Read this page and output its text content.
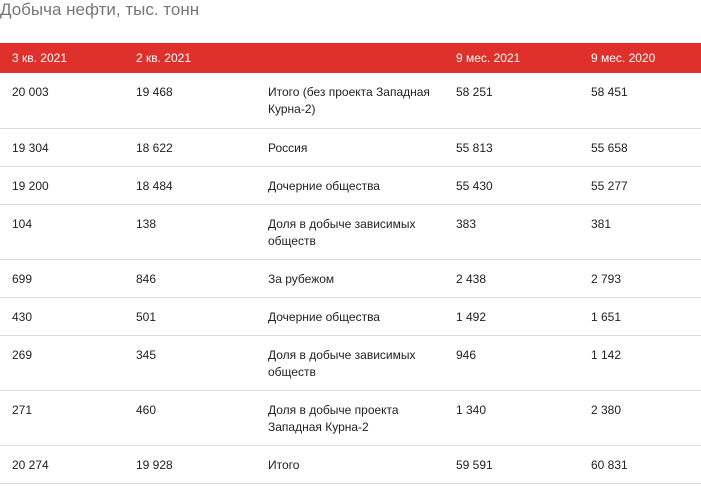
Добыча нефти, тыс. тонн
3 кв. 2021	2 кв. 2021		9 мес. 2021	9 мес. 2020
20 003	19 468	Итого (без проекта Западная Курна-2)	58 251	58 451
19 304	18 622	Россия	55 813	55 658
19 200	18 484	Дочерние общества	55 430	55 277
104	138	Доля в добыче зависимых обществ	383	381
699	846	За рубежом	2 438	2 793
430	501	Дочерние общества	1 492	1 651
269	345	Доля в добыче зависимых обществ	946	1 142
271	460	Доля в добыче проекта Западная Курна-2	1 340	2 380
20 274	19 928	Итого	59 591	60 831
